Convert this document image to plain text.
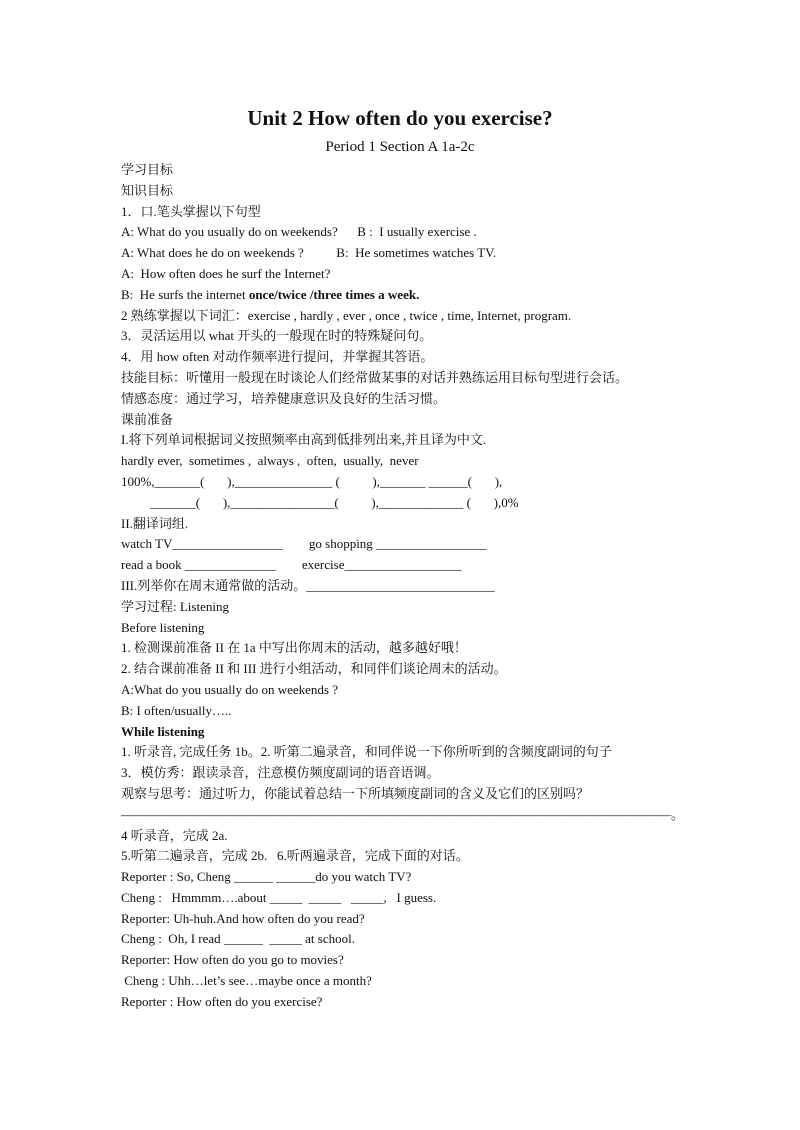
Unit 2 How often do you exercise?
Period 1 Section A 1a-2c
学习目标
知识目标
1．口.笔头掌握以下句型
A: What do you usually do on weekends?      B :  I usually exercise .
A: What does he do on weekends ?          B:  He sometimes watches TV.
A:  How often does he surf the Internet?
B:  He surfs the internet once/twice /three times a week.
2 熟练掌握以下词汇：exercise , hardly , ever , once , twice , time, Internet, program.
3．灵活运用以 what 开头的一般现在时的特殊疑问句。
4．用 how often 对动作频率进行提问，并掌握其答语。
技能目标：听懂用一般现在时谈论人们经常做某事的对话并熟练运用目标句型进行会话。
情感态度：通过学习，培养健康意识及良好的生活习惯。
课前准备
I.将下列单词根据词义按照频率由高到低排列出来,并且译为中文.
hardly ever,  sometimes ,  always ,  often,  usually,  never
100%,_______(       ),_______________ (          ),_______ ______(       ),
_______(       ),________________(          ),_____________ (       ),0%
II.翻译词组.
watch TV_________________        go shopping _________________
read a book ______________        exercise__________________
III.列举你在周末通常做的活动。_____________________________
学习过程: Listening
Before listening
1. 检测课前准备 II 在 1a 中写出你周末的活动，越多越好哦！
2. 结合课前准备 II 和 III 进行小组活动，和同伴们谈论周末的活动。
A:What do you usually do on weekends ?
B: I often/usually…..
While listening
1. 听录音, 完成任务 1b。2. 听第二遍录音，和同伴说一下你所听到的含频度副词的句子
3．模仿秀：跟读录音，注意模仿频度副词的语音语调。
观察与思考：通过听力，你能试着总结一下所填频度副词的含义及它们的区别吗？
————————————————————————————————————————————。
4 听录音，完成 2a.
5.听第二遍录音，完成 2b.   6.听两遍录音，完成下面的对话。
Reporter : So, Cheng ______ ______do you watch TV?
Cheng :   Hmmmm….about _____  _____   _____,   I guess.
Reporter: Uh-huh.And how often do you read?
Cheng :  Oh, I read ______  _____ at school.
Reporter: How often do you go to movies?
Cheng : Uhh…let’s see…maybe once a month?
Reporter : How often do you exercise?
